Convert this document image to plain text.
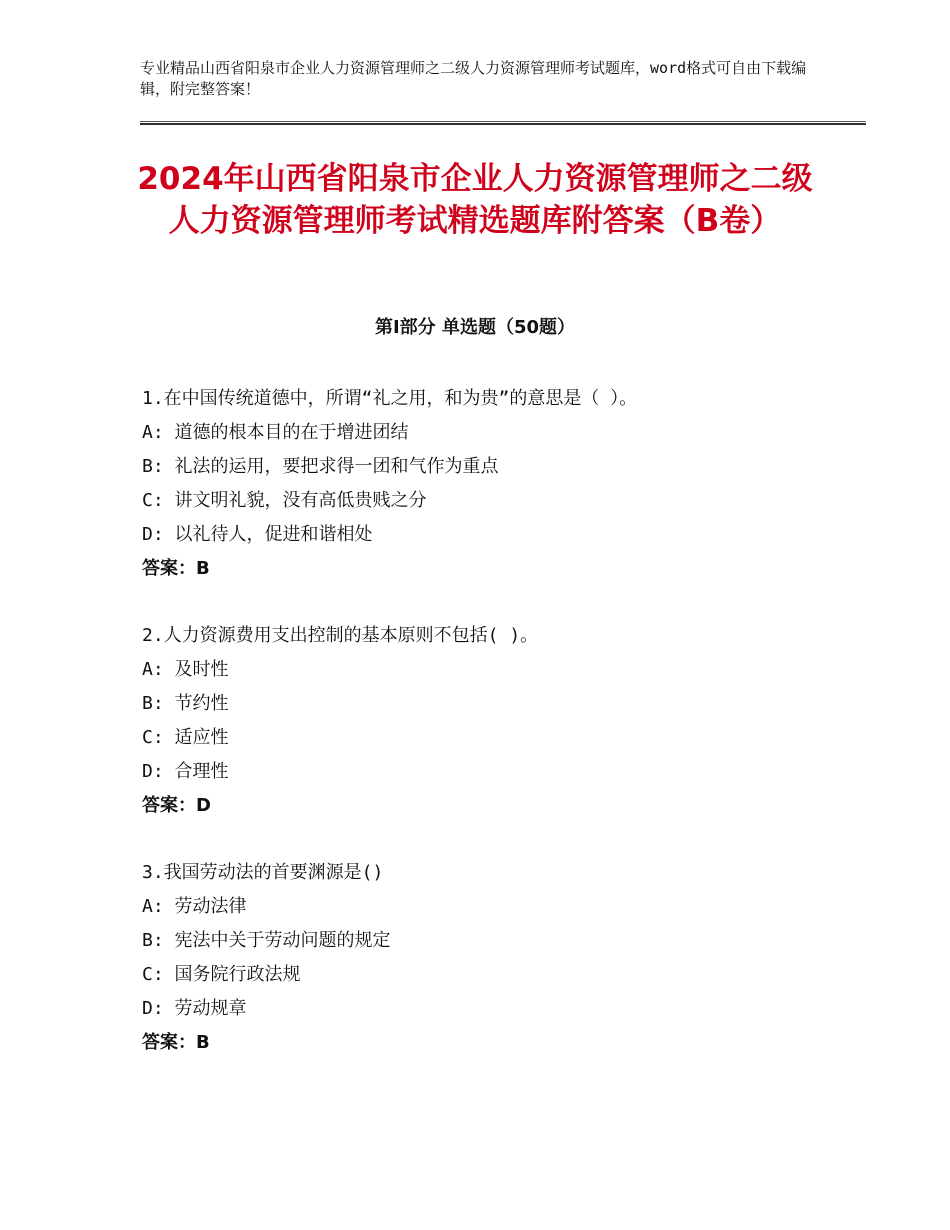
专业精品山西省阳泉市企业人力资源管理师之二级人力资源管理师考试题库，word格式可自由下载编辑，附完整答案！
2024年山西省阳泉市企业人力资源管理师之二级人力资源管理师考试精选题库附答案（B卷）
第Ⅰ部分 单选题（50题）
1.在中国传统道德中，所谓“礼之用，和为贵”的意思是（ ）。
A: 道德的根本目的在于增进团结
B: 礼法的运用，要把求得一团和气作为重点
C: 讲文明礼貌，没有高低贵贱之分
D: 以礼待人，促进和谐相处
答案：B
2.人力资源费用支出控制的基本原则不包括( )。
A: 及时性
B: 节约性
C: 适应性
D: 合理性
答案：D
3.我国劳动法的首要渊源是()
A: 劳动法律
B: 宪法中关于劳动问题的规定
C: 国务院行政法规
D: 劳动规章
答案：B
